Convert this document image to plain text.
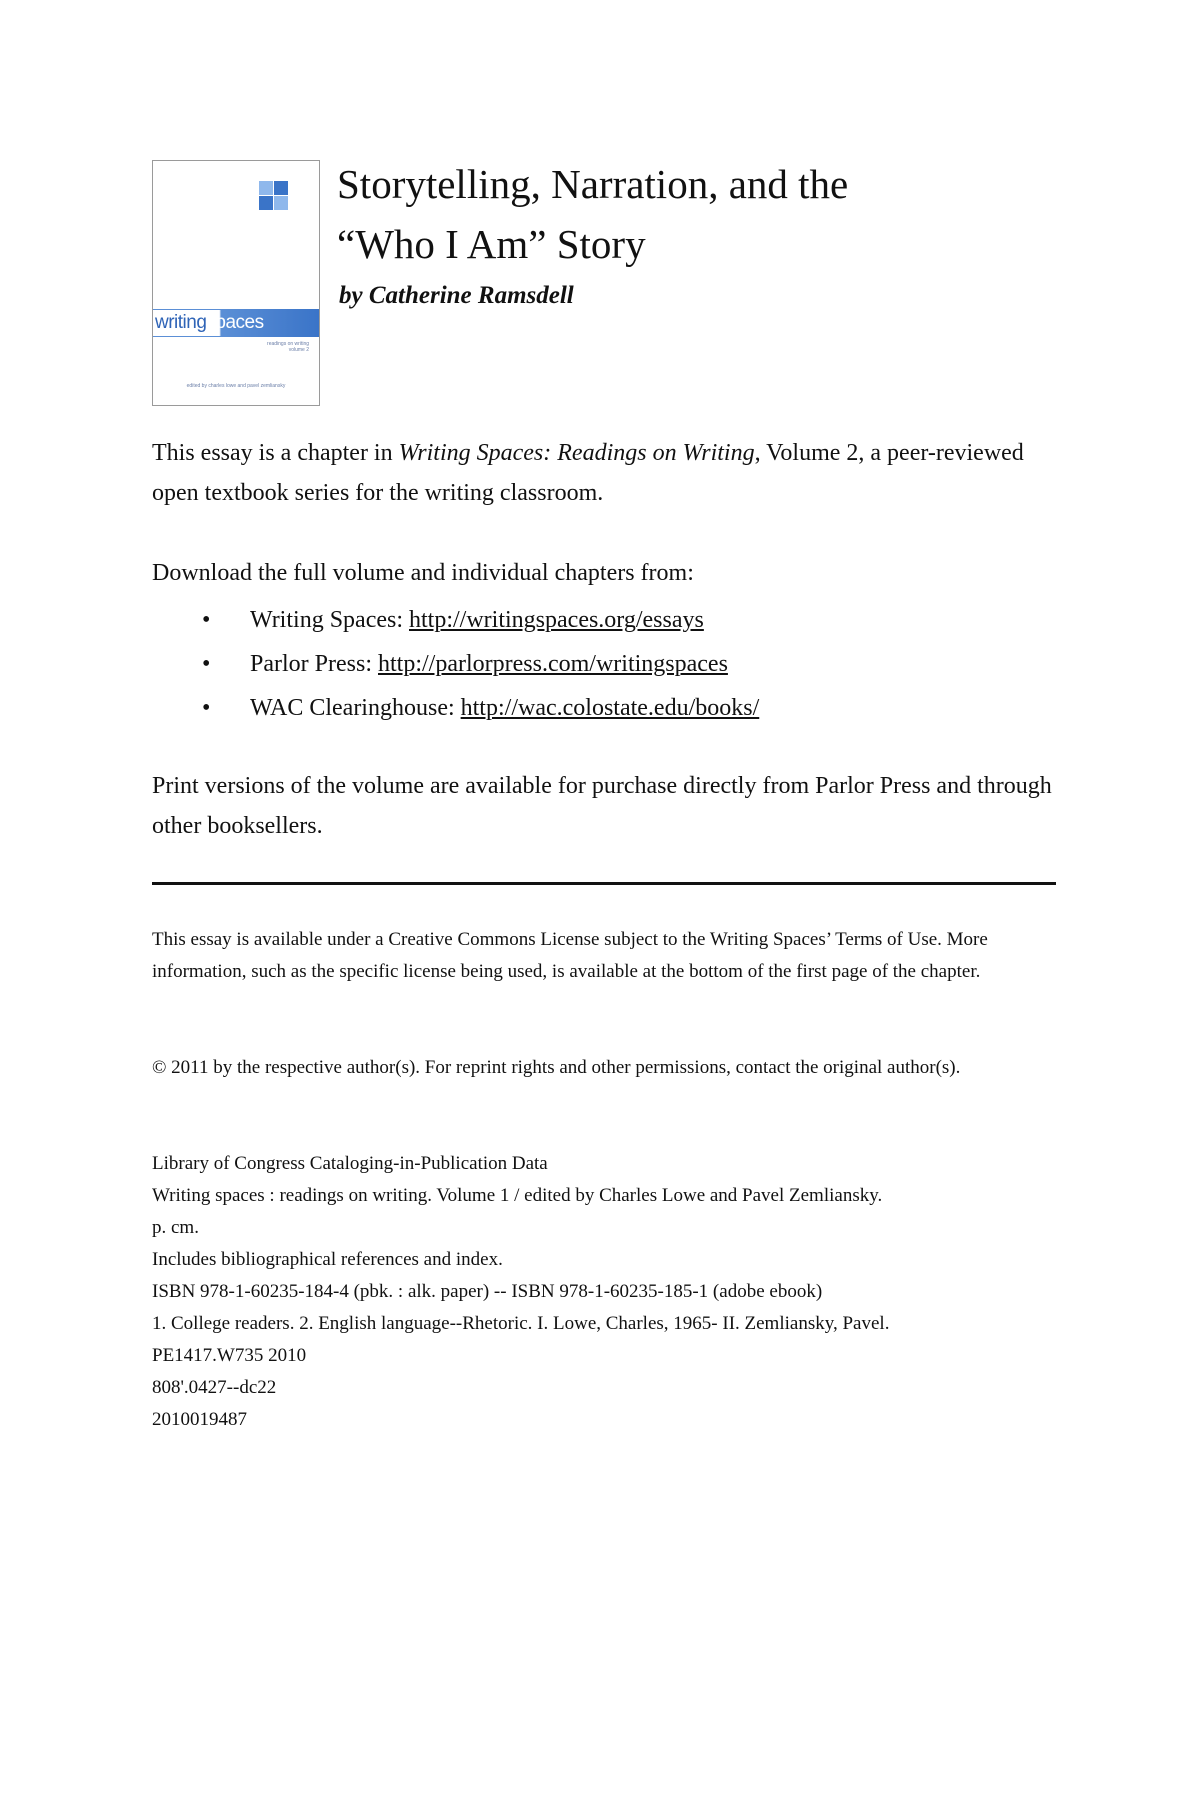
writingspaces
readings on writing
volume 2
edited by charles lowe and pavel zemliansky
Storytelling, Narration, and the
“Who I Am” Story
by Catherine Ramsdell

This essay is a chapter in Writing Spaces: Readings on Writing, Volume 2, a peer-reviewed open textbook series for the writing classroom.

Download the full volume and individual chapters from:

• Writing Spaces: http://writingspaces.org/essays
• Parlor Press: http://parlorpress.com/writingspaces
• WAC Clearinghouse: http://wac.colostate.edu/books/

Print versions of the volume are available for purchase directly from Parlor Press and through other booksellers.

This essay is available under a Creative Commons License subject to the Writing Spaces’ Terms of Use. More information, such as the specific license being used, is available at the bottom of the first page of the chapter.

© 2011 by the respective author(s). For reprint rights and other permissions, contact the original author(s).

Library of Congress Cataloging-in-Publication Data
Writing spaces : readings on writing. Volume 1 / edited by Charles Lowe and Pavel Zemliansky.
p. cm.
Includes bibliographical references and index.
ISBN 978-1-60235-184-4 (pbk. : alk. paper) -- ISBN 978-1-60235-185-1 (adobe ebook)
1. College readers. 2. English language--Rhetoric. I. Lowe, Charles, 1965- II. Zemliansky, Pavel.
PE1417.W735 2010
808'.0427--dc22
2010019487
